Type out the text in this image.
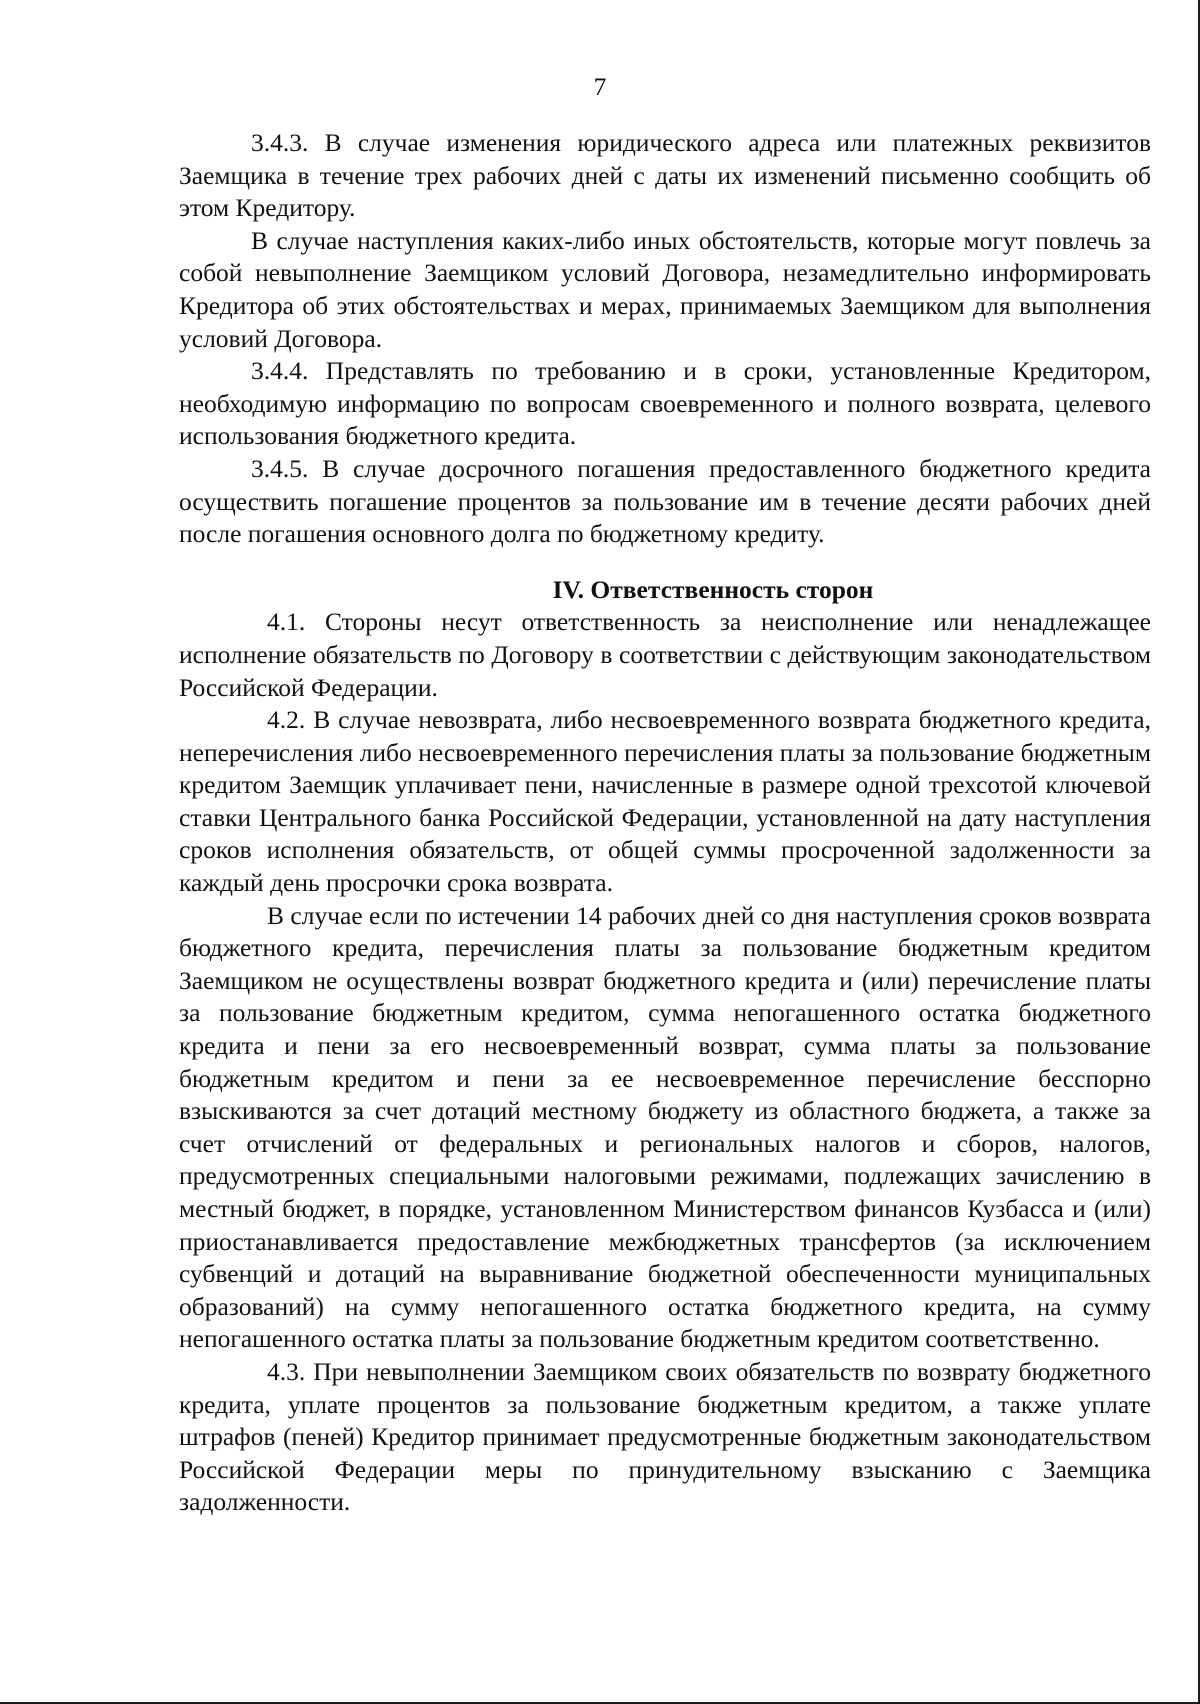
7

3.4.3. В случае изменения юридического адреса или платежных реквизитов Заемщика в течение трех рабочих дней с даты их изменений письменно сообщить об этом Кредитору.

В случае наступления каких-либо иных обстоятельств, которые могут повлечь за собой невыполнение Заемщиком условий Договора, незамедлительно информировать Кредитора об этих обстоятельствах и мерах, принимаемых Заемщиком для выполнения условий Договора.

3.4.4. Представлять по требованию и в сроки, установленные Кредитором, необходимую информацию по вопросам своевременного и полного возврата, целевого использования бюджетного кредита.

3.4.5. В случае досрочного погашения предоставленного бюджетного кредита осуществить погашение процентов за пользование им в течение десяти рабочих дней после погашения основного долга по бюджетному кредиту.

IV. Ответственность сторон

4.1. Стороны несут ответственность за неисполнение или ненадлежащее исполнение обязательств по Договору в соответствии с действующим законодательством Российской Федерации.

4.2. В случае невозврата, либо несвоевременного возврата бюджетного кредита, неперечисления либо несвоевременного перечисления платы за пользование бюджетным кредитом Заемщик уплачивает пени, начисленные в размере одной трехсотой ключевой ставки Центрального банка Российской Федерации, установленной на дату наступления сроков исполнения обязательств, от общей суммы просроченной задолженности за каждый день просрочки срока возврата.

В случае если по истечении 14 рабочих дней со дня наступления сроков возврата бюджетного кредита, перечисления платы за пользование бюджетным кредитом Заемщиком не осуществлены возврат бюджетного кредита и (или) перечисление платы за пользование бюджетным кредитом, сумма непогашенного остатка бюджетного кредита и пени за его несвоевременный возврат, сумма платы за пользование бюджетным кредитом и пени за ее несвоевременное перечисление бесспорно взыскиваются за счет дотаций местному бюджету из областного бюджета, а также за счет отчислений от федеральных и региональных налогов и сборов, налогов, предусмотренных специальными налоговыми режимами, подлежащих зачислению в местный бюджет, в порядке, установленном Министерством финансов Кузбасса и (или) приостанавливается предоставление межбюджетных трансфертов (за исключением субвенций и дотаций на выравнивание бюджетной обеспеченности муниципальных образований) на сумму непогашенного остатка бюджетного кредита, на сумму непогашенного остатка платы за пользование бюджетным кредитом соответственно.

4.3. При невыполнении Заемщиком своих обязательств по возврату бюджетного кредита, уплате процентов за пользование бюджетным кредитом, а также уплате штрафов (пеней) Кредитор принимает предусмотренные бюджетным законодательством Российской Федерации меры по принудительному взысканию с Заемщика задолженности.
